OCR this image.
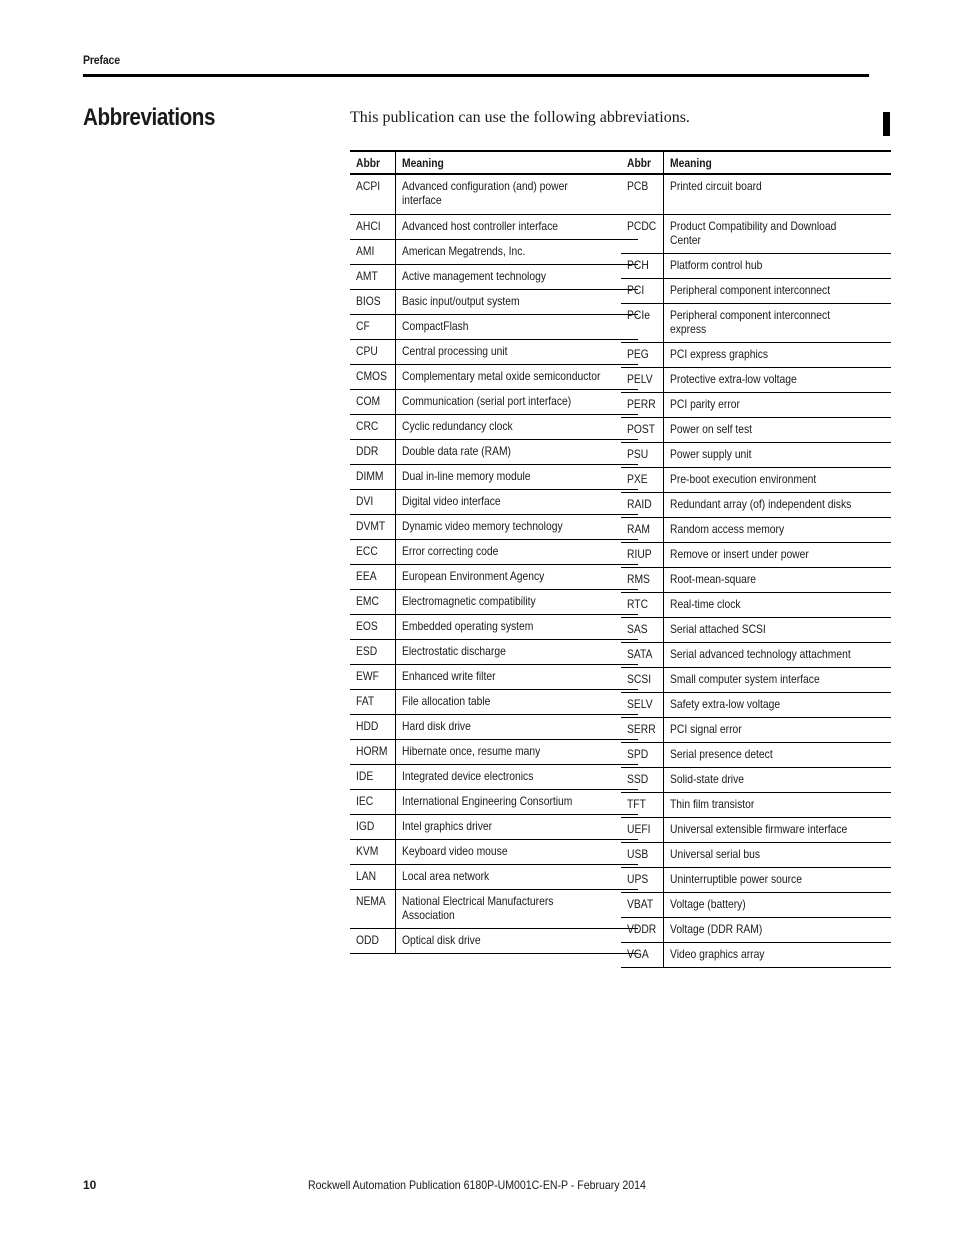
Preface
Abbreviations	This publication can use the following abbreviations.
Abbr	Meaning
ACPI	Advanced configuration (and) power interface
AHCI	Advanced host controller interface
AMI	American Megatrends, Inc.
AMT	Active management technology
BIOS	Basic input/output system
CF	CompactFlash
CPU	Central processing unit
CMOS	Complementary metal oxide semiconductor
COM	Communication (serial port interface)
CRC	Cyclic redundancy clock
DDR	Double data rate (RAM)
DIMM	Dual in-line memory module
DVI	Digital video interface
DVMT	Dynamic video memory technology
ECC	Error correcting code
EEA	European Environment Agency
EMC	Electromagnetic compatibility
EOS	Embedded operating system
ESD	Electrostatic discharge
EWF	Enhanced write filter
FAT	File allocation table
HDD	Hard disk drive
HORM	Hibernate once, resume many
IDE	Integrated device electronics
IEC	International Engineering Consortium
IGD	Intel graphics driver
KVM	Keyboard video mouse
LAN	Local area network
NEMA	National Electrical Manufacturers Association
ODD	Optical disk drive
Abbr	Meaning
PCB	Printed circuit board
PCDC	Product Compatibility and Download Center
PCH	Platform control hub
PCI	Peripheral component interconnect
PCIe	Peripheral component interconnect express
PEG	PCI express graphics
PELV	Protective extra-low voltage
PERR	PCI parity error
POST	Power on self test
PSU	Power supply unit
PXE	Pre-boot execution environment
RAID	Redundant array (of) independent disks
RAM	Random access memory
RIUP	Remove or insert under power
RMS	Root-mean-square
RTC	Real-time clock
SAS	Serial attached SCSI
SATA	Serial advanced technology attachment
SCSI	Small computer system interface
SELV	Safety extra-low voltage
SERR	PCI signal error
SPD	Serial presence detect
SSD	Solid-state drive
TFT	Thin film transistor
UEFI	Universal extensible firmware interface
USB	Universal serial bus
UPS	Uninterruptible power source
VBAT	Voltage (battery)
VDDR	Voltage (DDR RAM)
VGA	Video graphics array
10	Rockwell Automation Publication 6180P-UM001C-EN-P - February 2014
